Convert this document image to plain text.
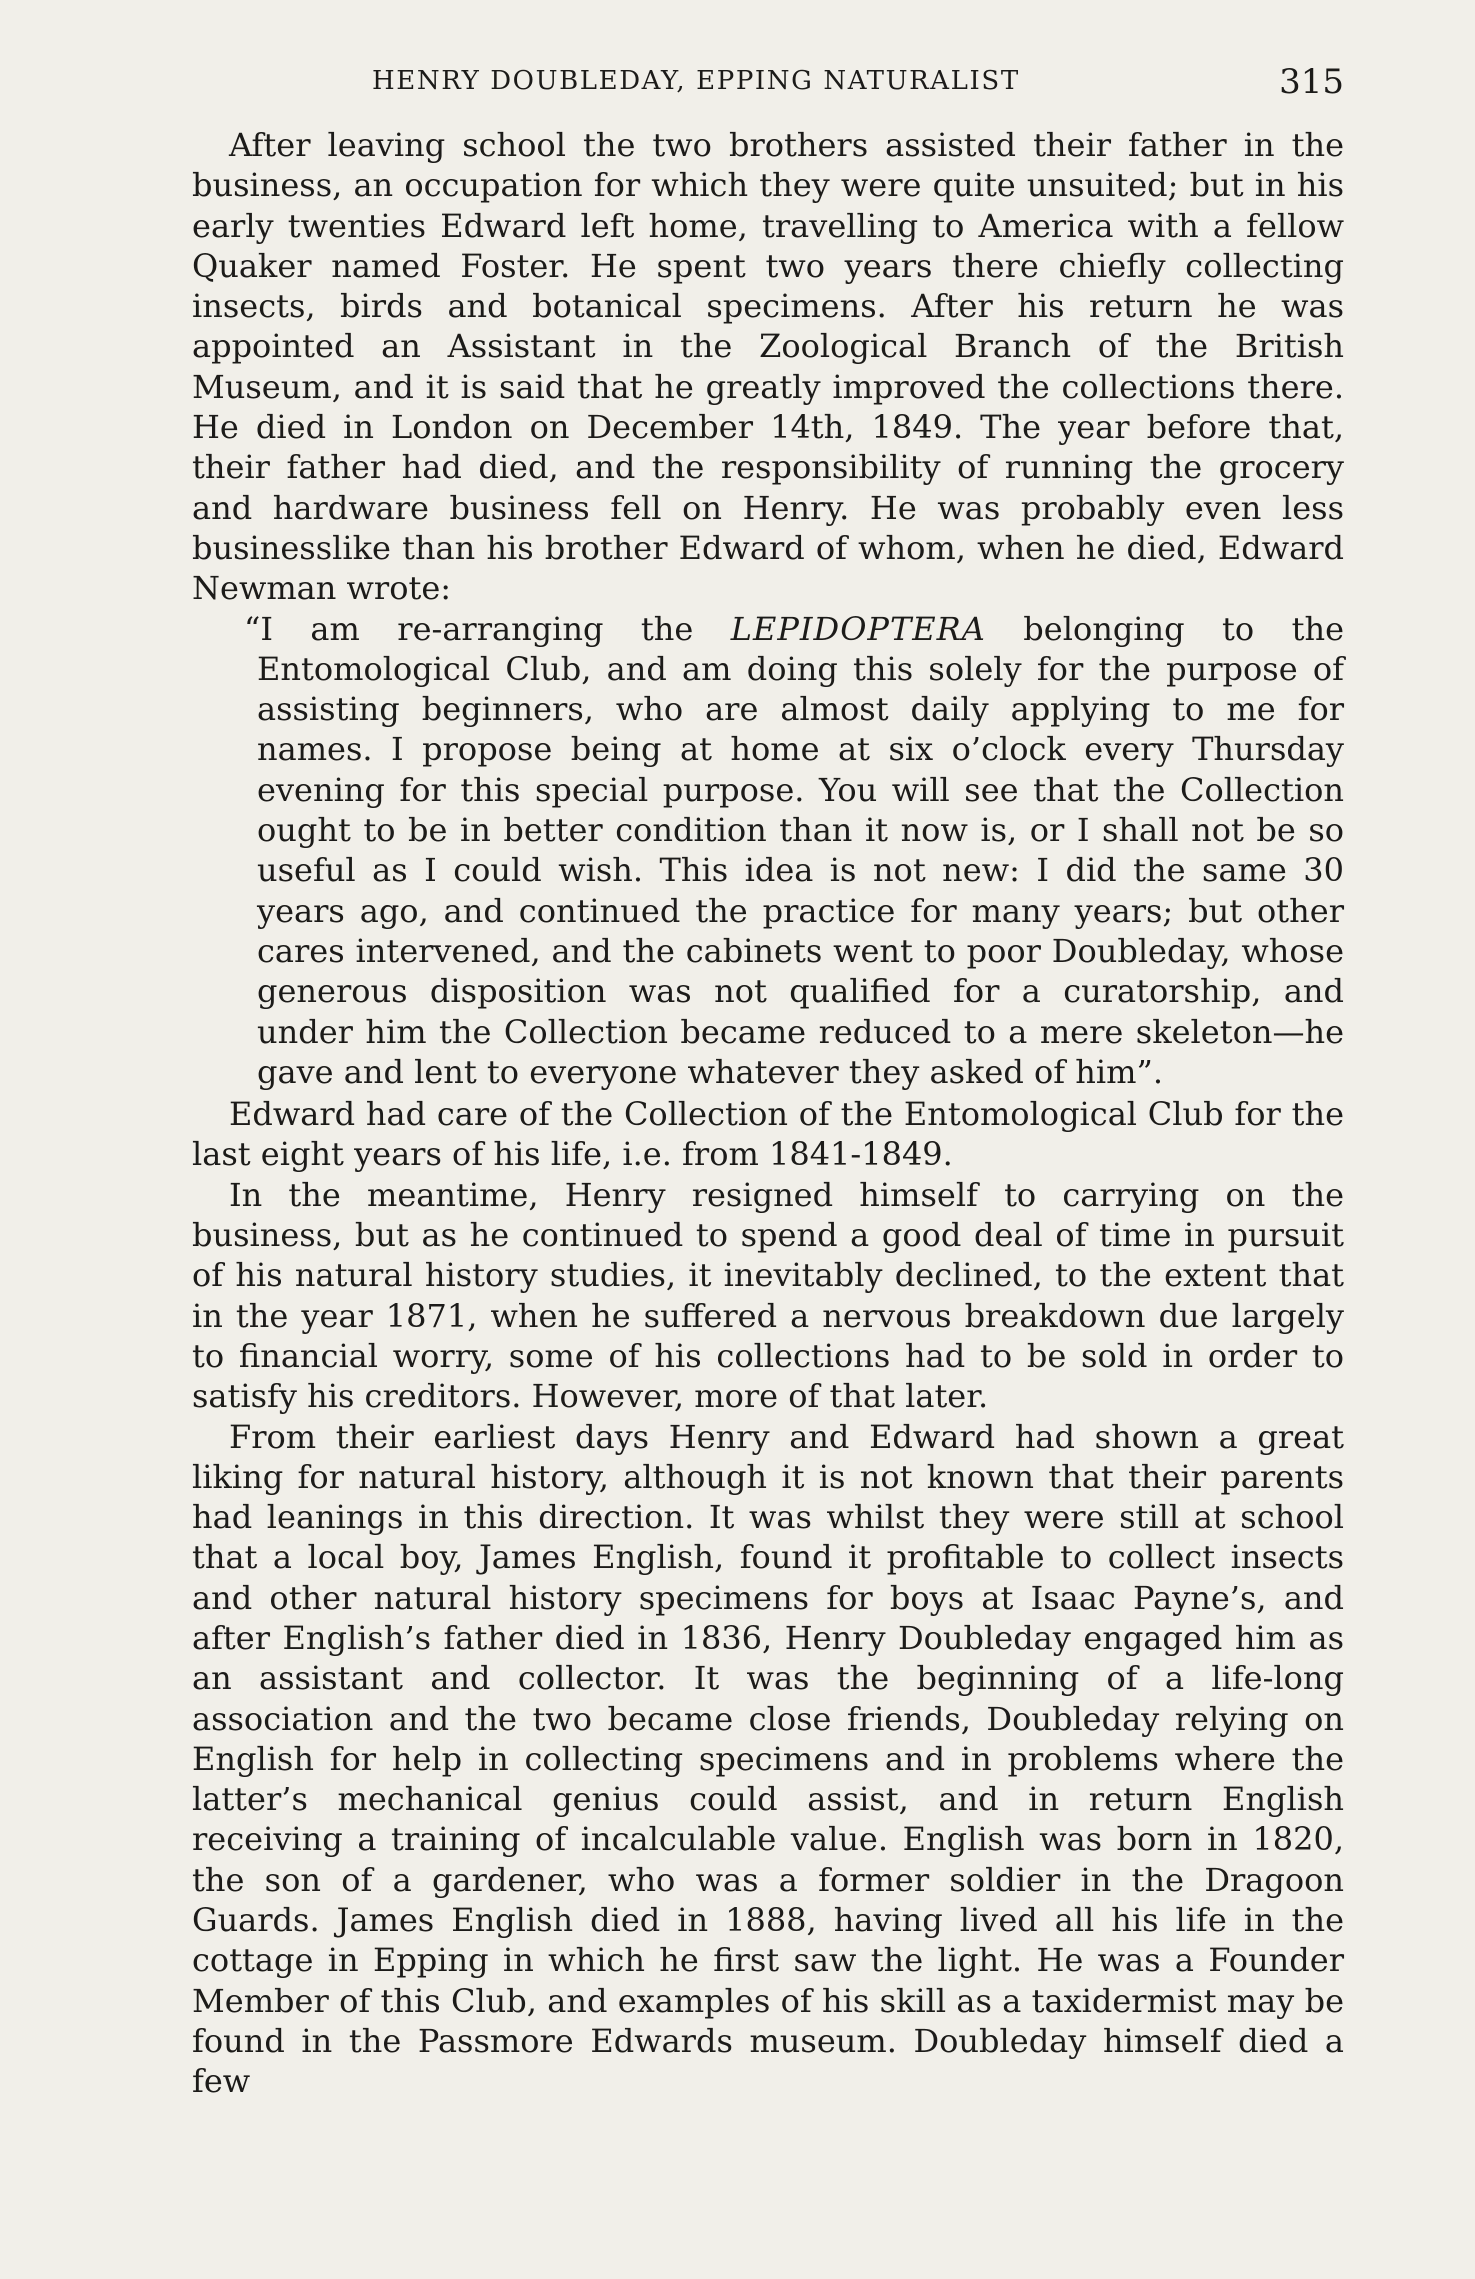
HENRY DOUBLEDAY, EPPING NATURALIST	315

After leaving school the two brothers assisted their father in the business, an occupation for which they were quite unsuited; but in his early twenties Edward left home, travelling to America with a fellow Quaker named Foster. He spent two years there chiefly collecting insects, birds and botanical specimens. After his return he was appointed an Assistant in the Zoological Branch of the British Museum, and it is said that he greatly improved the collections there. He died in London on December 14th, 1849. The year before that, their father had died, and the responsibility of running the grocery and hardware business fell on Henry. He was probably even less businesslike than his brother Edward of whom, when he died, Edward Newman wrote:

“I am re-arranging the LEPIDOPTERA belonging to the Entomological Club, and am doing this solely for the purpose of assisting beginners, who are almost daily applying to me for names. I propose being at home at six o’clock every Thursday evening for this special purpose. You will see that the Collection ought to be in better condition than it now is, or I shall not be so useful as I could wish. This idea is not new: I did the same 30 years ago, and continued the practice for many years; but other cares intervened, and the cabinets went to poor Doubleday, whose generous disposition was not qualified for a curatorship, and under him the Collection became reduced to a mere skeleton—he gave and lent to everyone whatever they asked of him”.

Edward had care of the Collection of the Entomological Club for the last eight years of his life, i.e. from 1841-1849.

In the meantime, Henry resigned himself to carrying on the business, but as he continued to spend a good deal of time in pursuit of his natural history studies, it inevitably declined, to the extent that in the year 1871, when he suffered a nervous breakdown due largely to financial worry, some of his collections had to be sold in order to satisfy his creditors. However, more of that later.

From their earliest days Henry and Edward had shown a great liking for natural history, although it is not known that their parents had leanings in this direction. It was whilst they were still at school that a local boy, James English, found it profitable to collect insects and other natural history specimens for boys at Isaac Payne’s, and after English’s father died in 1836, Henry Doubleday engaged him as an assistant and collector. It was the beginning of a life-long association and the two became close friends, Doubleday relying on English for help in collecting specimens and in problems where the latter’s mechanical genius could assist, and in return English receiving a training of incalculable value. English was born in 1820, the son of a gardener, who was a former soldier in the Dragoon Guards. James English died in 1888, having lived all his life in the cottage in Epping in which he first saw the light. He was a Founder Member of this Club, and examples of his skill as a taxidermist may be found in the Passmore Edwards museum. Doubleday himself died a few
